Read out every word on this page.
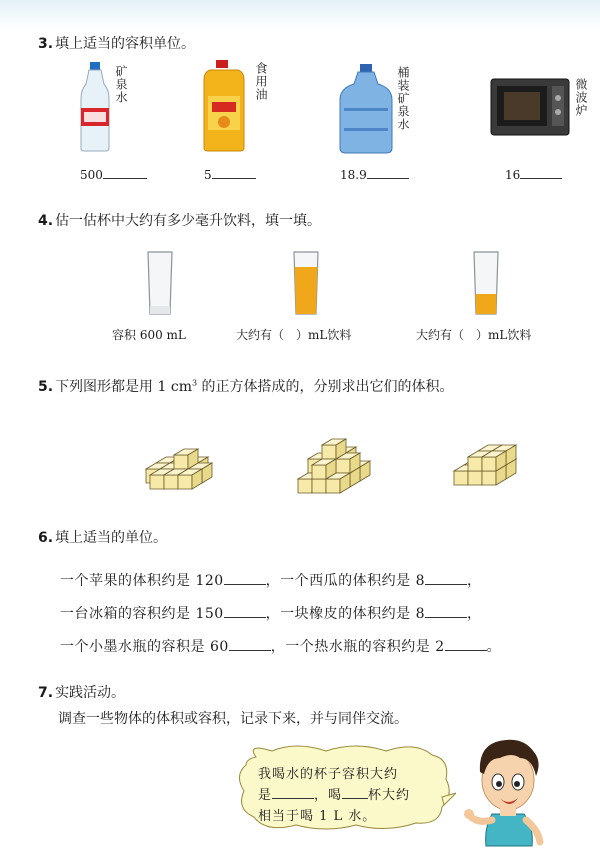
3. 填上适当的容积单位。
矿泉水	食用油	桶装矿泉水	微波炉
500	5	18.9	16
4. 估一估杯中大约有多少毫升饮料，填一填。
容积 600 mL	大约有（　）mL饮料	大约有（　）mL饮料
5. 下列图形都是用 1 $cm^3$ 的正方体搭成的，分别求出它们的体积。
6. 填上适当的单位。
一个苹果的体积约是 120	，一个西瓜的体积约是 8	，
一台冰箱的容积约是 150	，一块橡皮的体积约是 8	，
一个小墨水瓶的容积是 60	，一个热水瓶的容积约是 2	。
7. 实践活动。
调查一些物体的体积或容积，记录下来，并与同伴交流。
我喝水的杯子容积大约
是	，喝 杯大约
相当于喝 1 L 水。
